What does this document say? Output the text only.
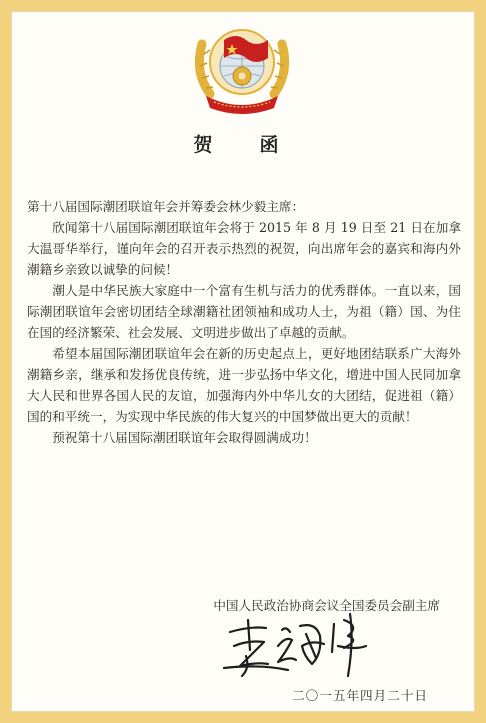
贺　函

第十八届国际潮团联谊年会并筹委会林少毅主席：

欣闻第十八届国际潮团联谊年会将于 2015 年 8 月 19 日至 21 日在加拿大温哥华举行，谨向年会的召开表示热烈的祝贺，向出席年会的嘉宾和海内外潮籍乡亲致以诚挚的问候！

潮人是中华民族大家庭中一个富有生机与活力的优秀群体。一直以来，国际潮团联谊年会密切团结全球潮籍社团领袖和成功人士，为祖（籍）国、为住在国的经济繁荣、社会发展、文明进步做出了卓越的贡献。

希望本届国际潮团联谊年会在新的历史起点上，更好地团结联系广大海外潮籍乡亲，继承和发扬优良传统，进一步弘扬中华文化，增进中国人民同加拿大人民和世界各国人民的友谊，加强海内外中华儿女的大团结，促进祖（籍）国的和平统一，为实现中华民族的伟大复兴的中国梦做出更大的贡献！

预祝第十八届国际潮团联谊年会取得圆满成功！

中国人民政治协商会议全国委员会副主席
二〇一五年四月二十日
